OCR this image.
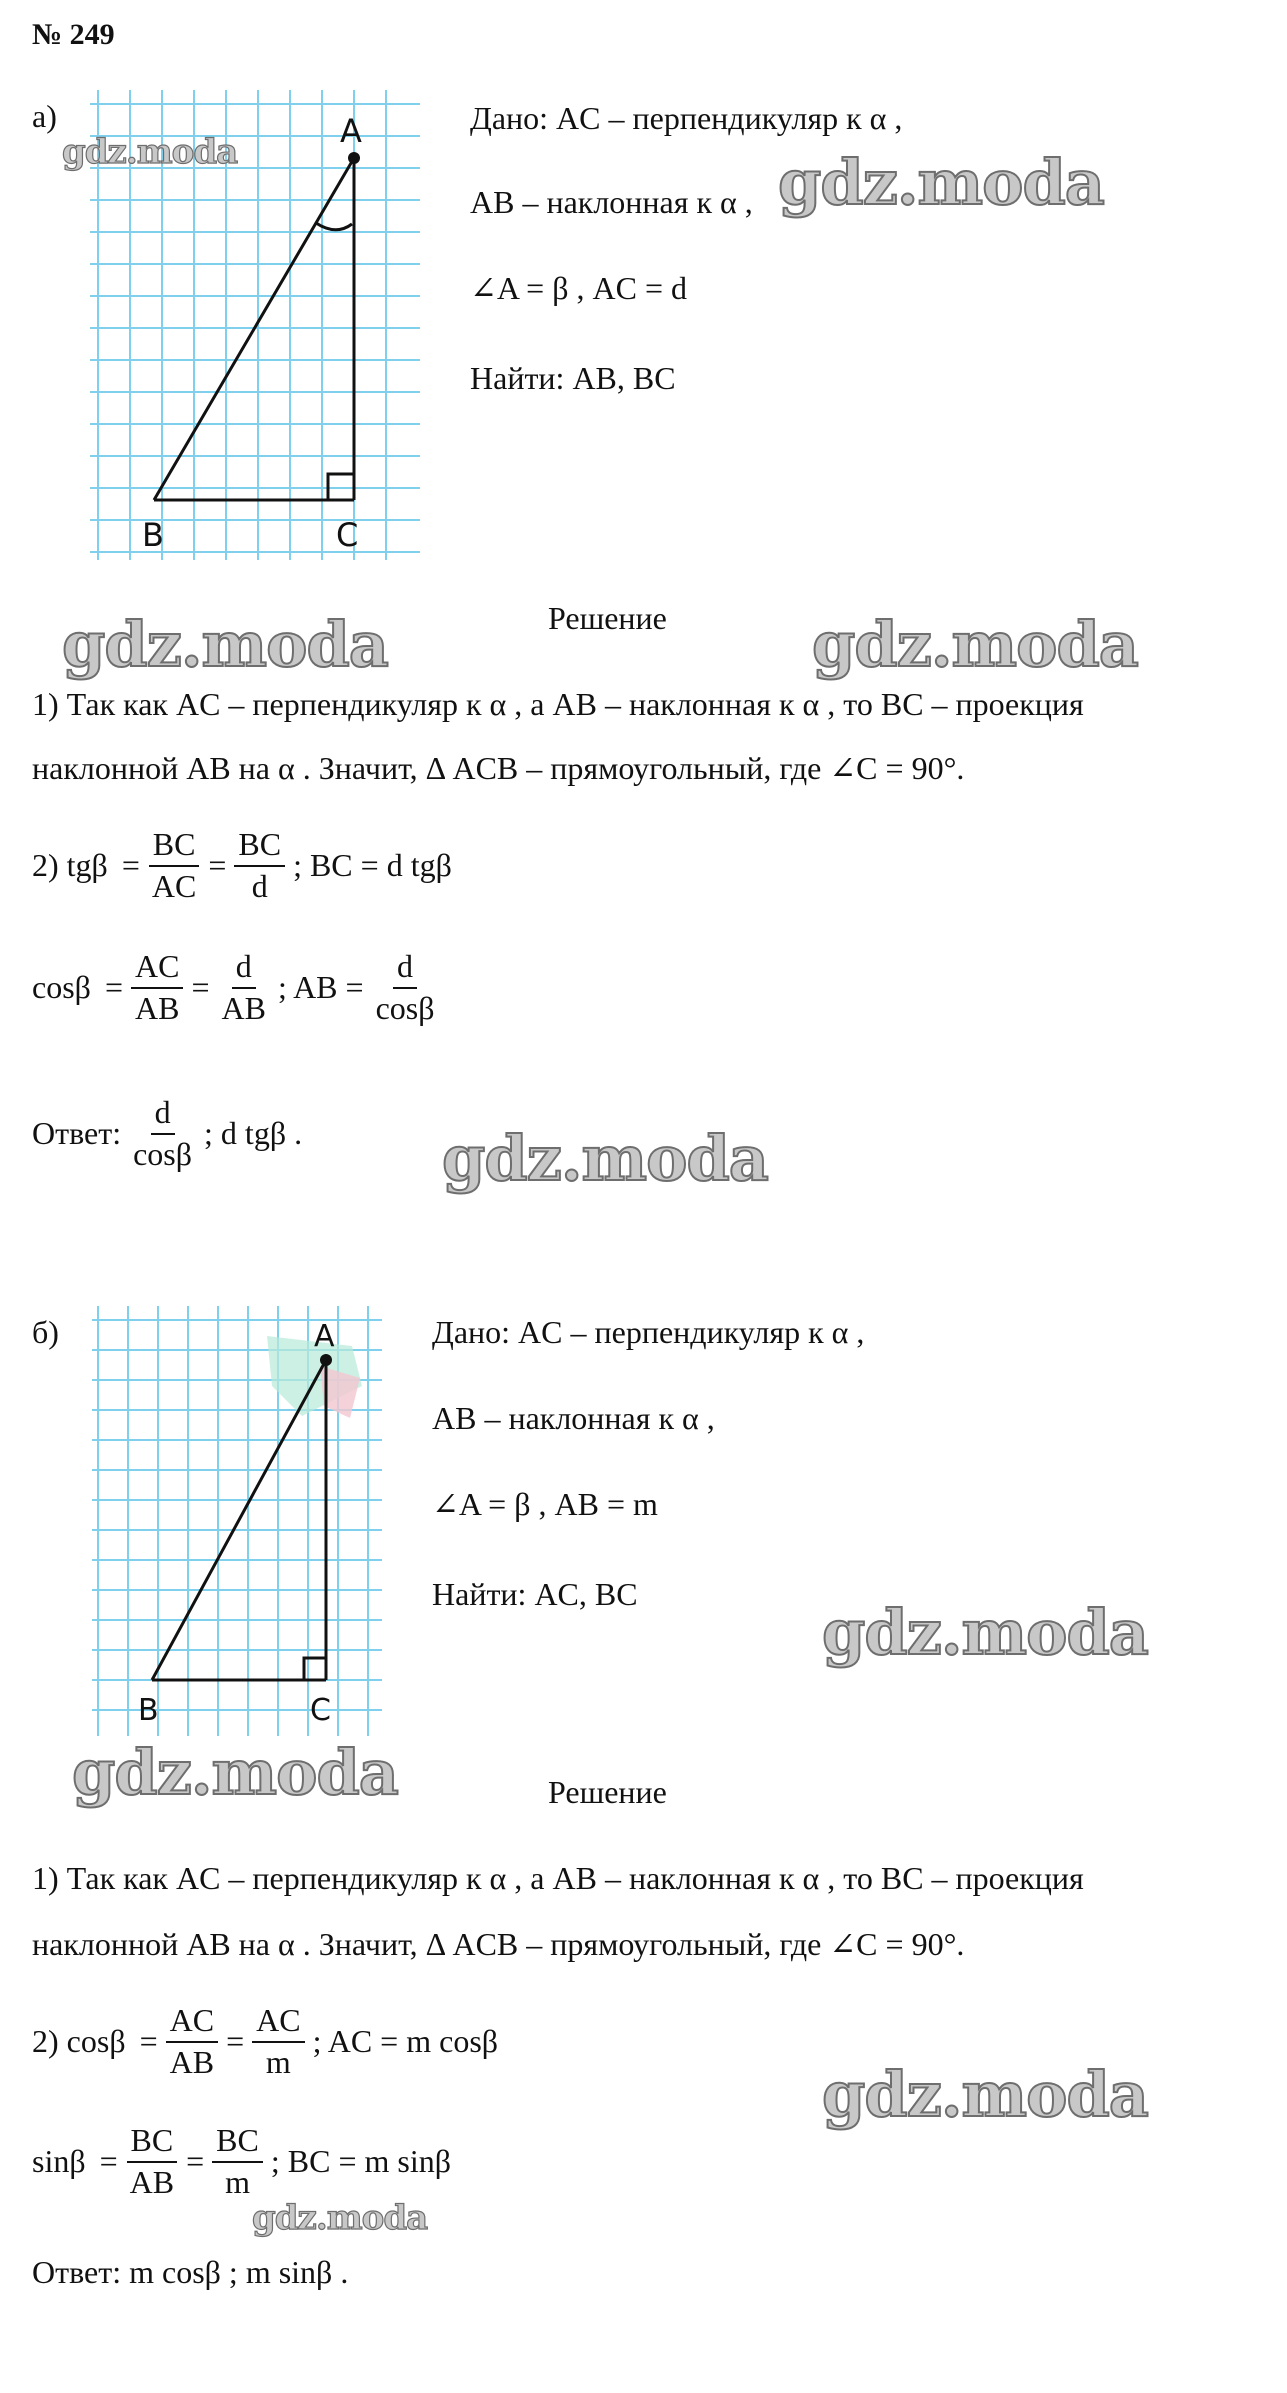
№ 249
а)	A
B	C
gdz.moda
Дано: AC – перпендикуляр к α ,
AB – наклонная к α , gdz.moda
∠A = β , AC = d
Найти: AB, BC
Решение
gdz.moda	gdz.moda
1) Так как AC – перпендикуляр к α , а AB – наклонная к α , то BC – проекция
наклонной AB на α . Значит, Δ ACB – прямоугольный, где ∠C = 90°.
2) $tg\beta = \frac{BC}{AC} = \frac{BC}{d}$ ; BC = d tgβ
$\cos\beta = \frac{AC}{AB} = \frac{d}{AB}$ ; AB = $\frac{d}{\cos\beta}$
Ответ: $\frac{d}{\cos\beta}$ ; d tgβ . gdz.moda
б)	A
B	C
Дано: AC – перпендикуляр к α ,
AB – наклонная к α ,
∠A = β , AB = m
Найти: AC, BC
gdz.moda
gdz.moda	Решение
1) Так как AC – перпендикуляр к α , а AB – наклонная к α , то BC – проекция
наклонной AB на α . Значит, Δ ACB – прямоугольный, где ∠C = 90°.
2) $\cos\beta = \frac{AC}{AB} = \frac{AC}{m}$ ; AC = m cosβ
gdz.moda
$\sin\beta = \frac{BC}{AB} = \frac{BC}{m}$ ; BC = m sinβ
gdz.moda
Ответ: m cosβ ; m sinβ .
